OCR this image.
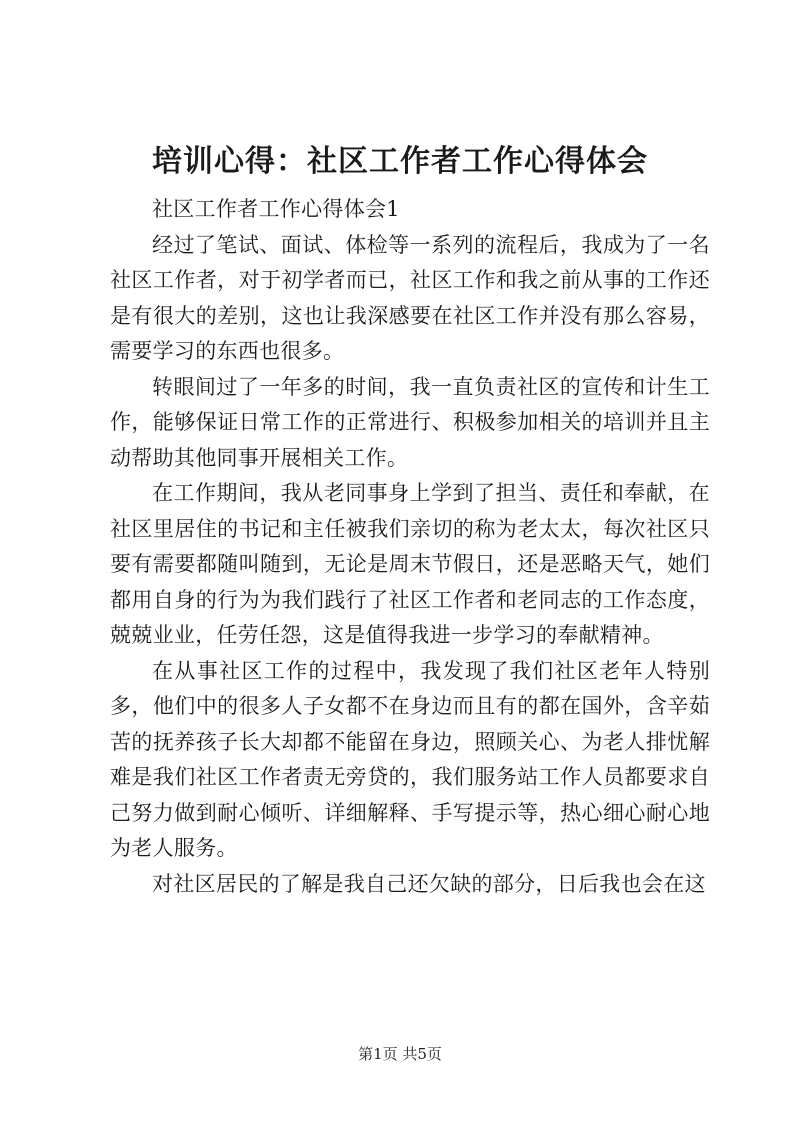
培训心得：社区工作者工作心得体会

社区工作者工作心得体会1

经过了笔试、面试、体检等一系列的流程后，我成为了一名社区工作者，对于初学者而已，社区工作和我之前从事的工作还是有很大的差别，这也让我深感要在社区工作并没有那么容易，需要学习的东西也很多。

转眼间过了一年多的时间，我一直负责社区的宣传和计生工作，能够保证日常工作的正常进行、积极参加相关的培训并且主动帮助其他同事开展相关工作。

在工作期间，我从老同事身上学到了担当、责任和奉献，在社区里居住的书记和主任被我们亲切的称为老太太，每次社区只要有需要都随叫随到，无论是周末节假日，还是恶略天气，她们都用自身的行为为我们践行了社区工作者和老同志的工作态度，兢兢业业，任劳任怨，这是值得我进一步学习的奉献精神。

在从事社区工作的过程中，我发现了我们社区老年人特别多，他们中的很多人子女都不在身边而且有的都在国外，含辛茹苦的抚养孩子长大却都不能留在身边，照顾关心、为老人排忧解难是我们社区工作者责无旁贷的，我们服务站工作人员都要求自己努力做到耐心倾听、详细解释、手写提示等，热心细心耐心地为老人服务。

对社区居民的了解是我自己还欠缺的部分，日后我也会在这

第1页 共5页
